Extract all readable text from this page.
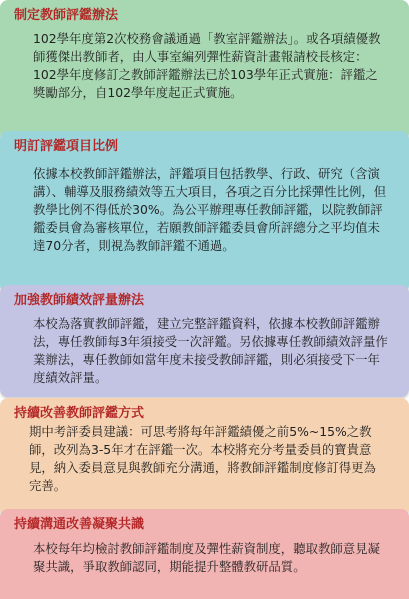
制定教師評鑑辦法
102學年度第2次校務會議通過「教室評鑑辦法」。或各項績優教師獲傑出教師者，由人事室編列彈性薪資計畫報請校長核定：102學年度修訂之教師評鑑辦法已於103學年正式實施：評鑑之獎勵部分，自102學年度起正式實施。
明訂評鑑項目比例
依據本校教師評鑑辦法，評鑑項目包括教學、行政、研究（含演講）、輔導及服務績效等五大項目，各項之百分比採彈性比例，但教學比例不得低於30%。為公平辦理專任教師評鑑，以院教師評鑑委員會為審核單位，若願教師評鑑委員會所評總分之平均值未達70分者，則視為教師評鑑不通過。
加強教師績效評量辦法
本校為落實教師評鑑，建立完整評鑑資料，依據本校教師評鑑辦法，專任教師每3年須接受一次評鑑。另依據專任教師績效評量作業辦法，專任教師如當年度未接受教師評鑑，則必須接受下一年度績效評量。
持續改善教師評鑑方式
期中考評委員建議：可思考將每年評鑑績優之前5%~15%之教師，改列為3-5年才在評鑑一次。本校將充分考量委員的寶貴意見，納入委員意見與教師充分溝通，將教師評鑑制度修訂得更為完善。
持續溝通改善凝聚共識
本校每年均檢討教師評鑑制度及彈性薪資制度，聽取教師意見凝聚共識，爭取教師認同，期能提升整體教研品質。
